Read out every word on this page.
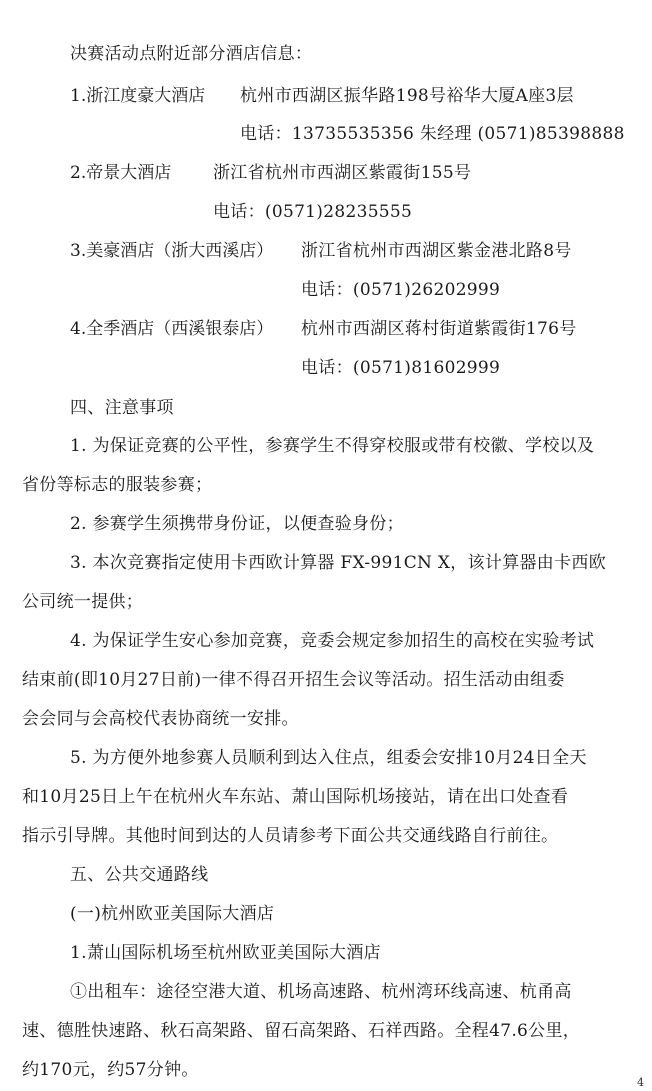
决赛活动点附近部分酒店信息：
1.浙江度豪大酒店 杭州市西湖区振华路198号裕华大厦A座3层
电话：13735535356 朱经理 (0571)85398888
2.帝景大酒店 浙江省杭州市西湖区紫霞街155号
电话：(0571)28235555
3.美豪酒店（浙大西溪店） 浙江省杭州市西湖区紫金港北路8号
电话：(0571)26202999
4.全季酒店（西溪银泰店） 杭州市西湖区蒋村街道紫霞街176号
电话：(0571)81602999
四、注意事项
1. 为保证竞赛的公平性，参赛学生不得穿校服或带有校徽、学校以及
省份等标志的服装参赛；
2. 参赛学生须携带身份证，以便查验身份；
3. 本次竞赛指定使用卡西欧计算器 FX-991CN X，该计算器由卡西欧
公司统一提供；
4. 为保证学生安心参加竞赛，竞委会规定参加招生的高校在实验考试
结束前(即10月27日前)一律不得召开招生会议等活动。招生活动由组委
会会同与会高校代表协商统一安排。
5. 为方便外地参赛人员顺利到达入住点，组委会安排10月24日全天
和10月25日上午在杭州火车东站、萧山国际机场接站，请在出口处查看
指示引导牌。其他时间到达的人员请参考下面公共交通线路自行前往。
五、公共交通路线
(一)杭州欧亚美国际大酒店
1.萧山国际机场至杭州欧亚美国际大酒店
①出租车：途径空港大道、机场高速路、杭州湾环线高速、杭甬高
速、德胜快速路、秋石高架路、留石高架路、石祥西路。全程47.6公里，
约170元，约57分钟。
4
